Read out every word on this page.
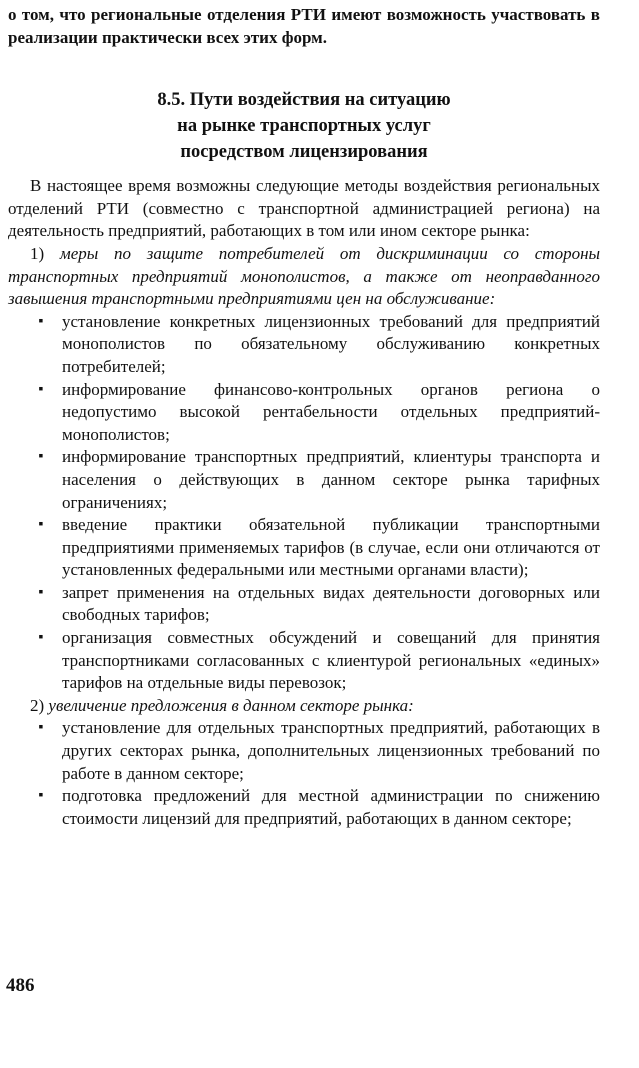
о том, что региональные отделения РТИ имеют возможность участвовать в реализации практически всех этих форм.

8.5. Пути воздействия на ситуацию
на рынке транспортных услуг
посредством лицензирования

В настоящее время возможны следующие методы воздействия региональных отделений РТИ (совместно с транспортной администрацией региона) на деятельность предприятий, работающих в том или ином секторе рынка:

1) меры по защите потребителей от дискриминации со стороны транспортных предприятий монополистов, а также от неоправданного завышения транспортными предприятиями цен на обслуживание:

▪ установление конкретных лицензионных требований для предприятий монополистов по обязательному обслуживанию конкретных потребителей;
▪ информирование финансово-контрольных органов региона о недопустимо высокой рентабельности отдельных предприятий-монополистов;
▪ информирование транспортных предприятий, клиентуры транспорта и населения о действующих в данном секторе рынка тарифных ограничениях;
▪ введение практики обязательной публикации транспортными предприятиями применяемых тарифов (в случае, если они отличаются от установленных федеральными или местными органами власти);
▪ запрет применения на отдельных видах деятельности договорных или свободных тарифов;
▪ организация совместных обсуждений и совещаний для принятия транспортниками согласованных с клиентурой региональных «единых» тарифов на отдельные виды перевозок;

2) увеличение предложения в данном секторе рынка:

▪ установление для отдельных транспортных предприятий, работающих в других секторах рынка, дополнительных лицензионных требований по работе в данном секторе;
▪ подготовка предложений для местной администрации по снижению стоимости лицензий для предприятий, работающих в данном секторе;
486
